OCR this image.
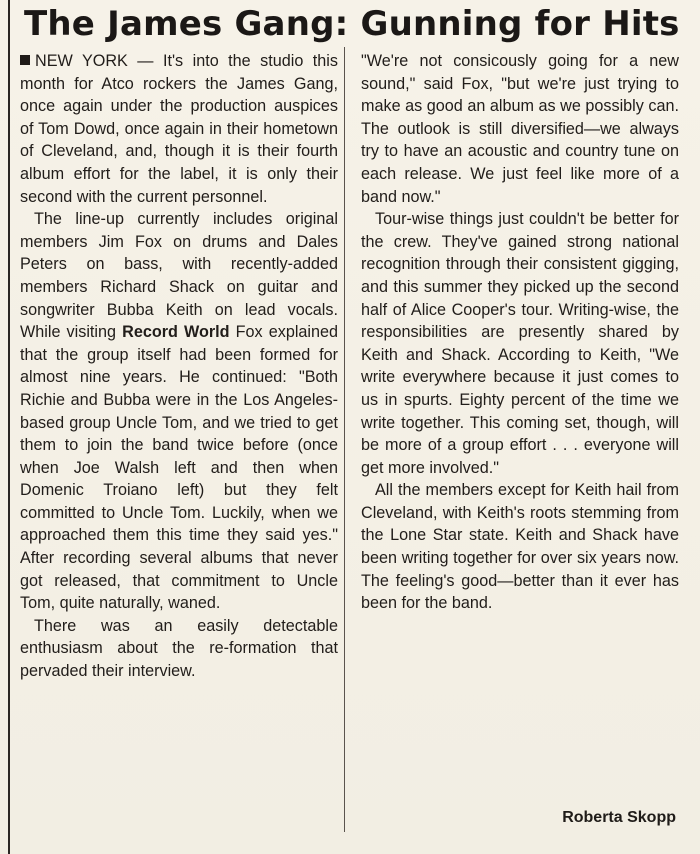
The James Gang: Gunning for Hits

NEW YORK — It's into the studio this month for Atco rockers the James Gang, once again under the production auspices of Tom Dowd, once again in their hometown of Cleveland, and, though it is their fourth album effort for the label, it is only their second with the current personnel.

The line-up currently includes original members Jim Fox on drums and Dales Peters on bass, with recently-added members Richard Shack on guitar and songwriter Bubba Keith on lead vocals. While visiting Record World Fox explained that the group itself had been formed for almost nine years. He continued: "Both Richie and Bubba were in the Los Angeles-based group Uncle Tom, and we tried to get them to join the band twice before (once when Joe Walsh left and then when Domenic Troiano left) but they felt committed to Uncle Tom. Luckily, when we approached them this time they said yes." After recording several albums that never got released, that commitment to Uncle Tom, quite naturally, waned.

There was an easily detectable enthusiasm about the re-formation that pervaded their interview.

"We're not consicously going for a new sound," said Fox, "but we're just trying to make as good an album as we possibly can. The outlook is still diversified—we always try to have an acoustic and country tune on each release. We just feel like more of a band now."

Tour-wise things just couldn't be better for the crew. They've gained strong national recognition through their consistent gigging, and this summer they picked up the second half of Alice Cooper's tour. Writing-wise, the responsibilities are presently shared by Keith and Shack. According to Keith, "We write everywhere because it just comes to us in spurts. Eighty percent of the time we write together. This coming set, though, will be more of a group effort . . . everyone will get more involved."

All the members except for Keith hail from Cleveland, with Keith's roots stemming from the Lone Star state. Keith and Shack have been writing together for over six years now. The feeling's good—better than it ever has been for the band.

Roberta Skopp
